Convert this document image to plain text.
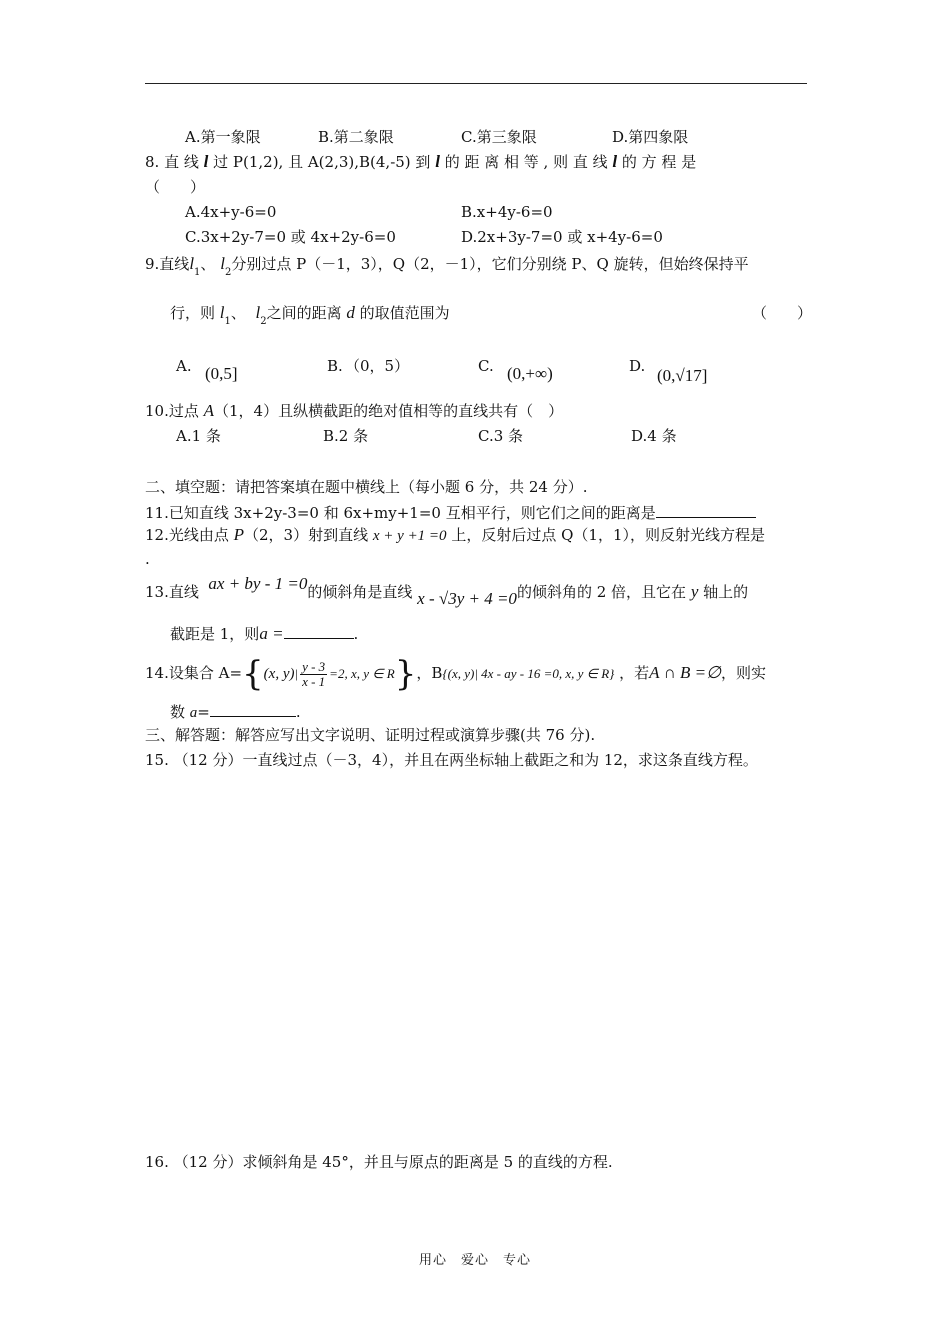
A.第一象限	B.第二象限	C.第三象限	D.第四象限
8. 直 线 l 过 P(1,2), 且 A(2,3),B(4,-5) 到 l 的 距 离 相 等 , 则 直 线 l 的 方 程 是
（　　）
A.4x+y-6=0	B.x+4y-6=0
C.3x+2y-7=0 或 4x+2y-6=0	D.2x+3y-7=0 或 x+4y-6=0
9.直线$l_1$、 $l_2$分别过点 P（－1，3），Q（2，－1），它们分别绕 P、Q 旋转，但始终保持平
行，则 $l_1$、 $l_2$之间的距离 d 的取值范围为	（　　）
A. (0,5]	B. （0，5）	C. (0,+∞)	D. (0,√17]
10.过点 A（1，4）且纵横截距的绝对值相等的直线共有（　）
A.1 条	B.2 条	C.3 条	D.4 条
二、填空题：请把答案填在题中横线上（每小题 6 分，共 24 分）.
11.已知直线 3x+2y-3=0 和 6x+my+1=0 互相平行，则它们之间的距离是
12.光线由点 P（2，3）射到直线 x + y +1 =0 上，反射后过点 Q（1，1），则反射光线方程是
.
13.直线 ax + by - 1 =0的倾斜角是直线 x - √3y + 4 =0的倾斜角的 2 倍，且它在 y 轴上的
截距是 1，则a =	.
14.设集合 A={(x, $y)| \frac{y - 3}{x - 1} =2$, x, y ∈ R}，B{(x, y)| 4x - ay - 16 =0, x, y ∈ R} ，若A ∩ B =∅，则实
数 a=	.
三、解答题：解答应写出文字说明、证明过程或演算步骤(共 76 分).
15. （12 分）一直线过点（－3，4），并且在两坐标轴上截距之和为 12，求这条直线方程。
16. （12 分）求倾斜角是 45°，并且与原点的距离是 5 的直线的方程.
用心　爱心　专心
